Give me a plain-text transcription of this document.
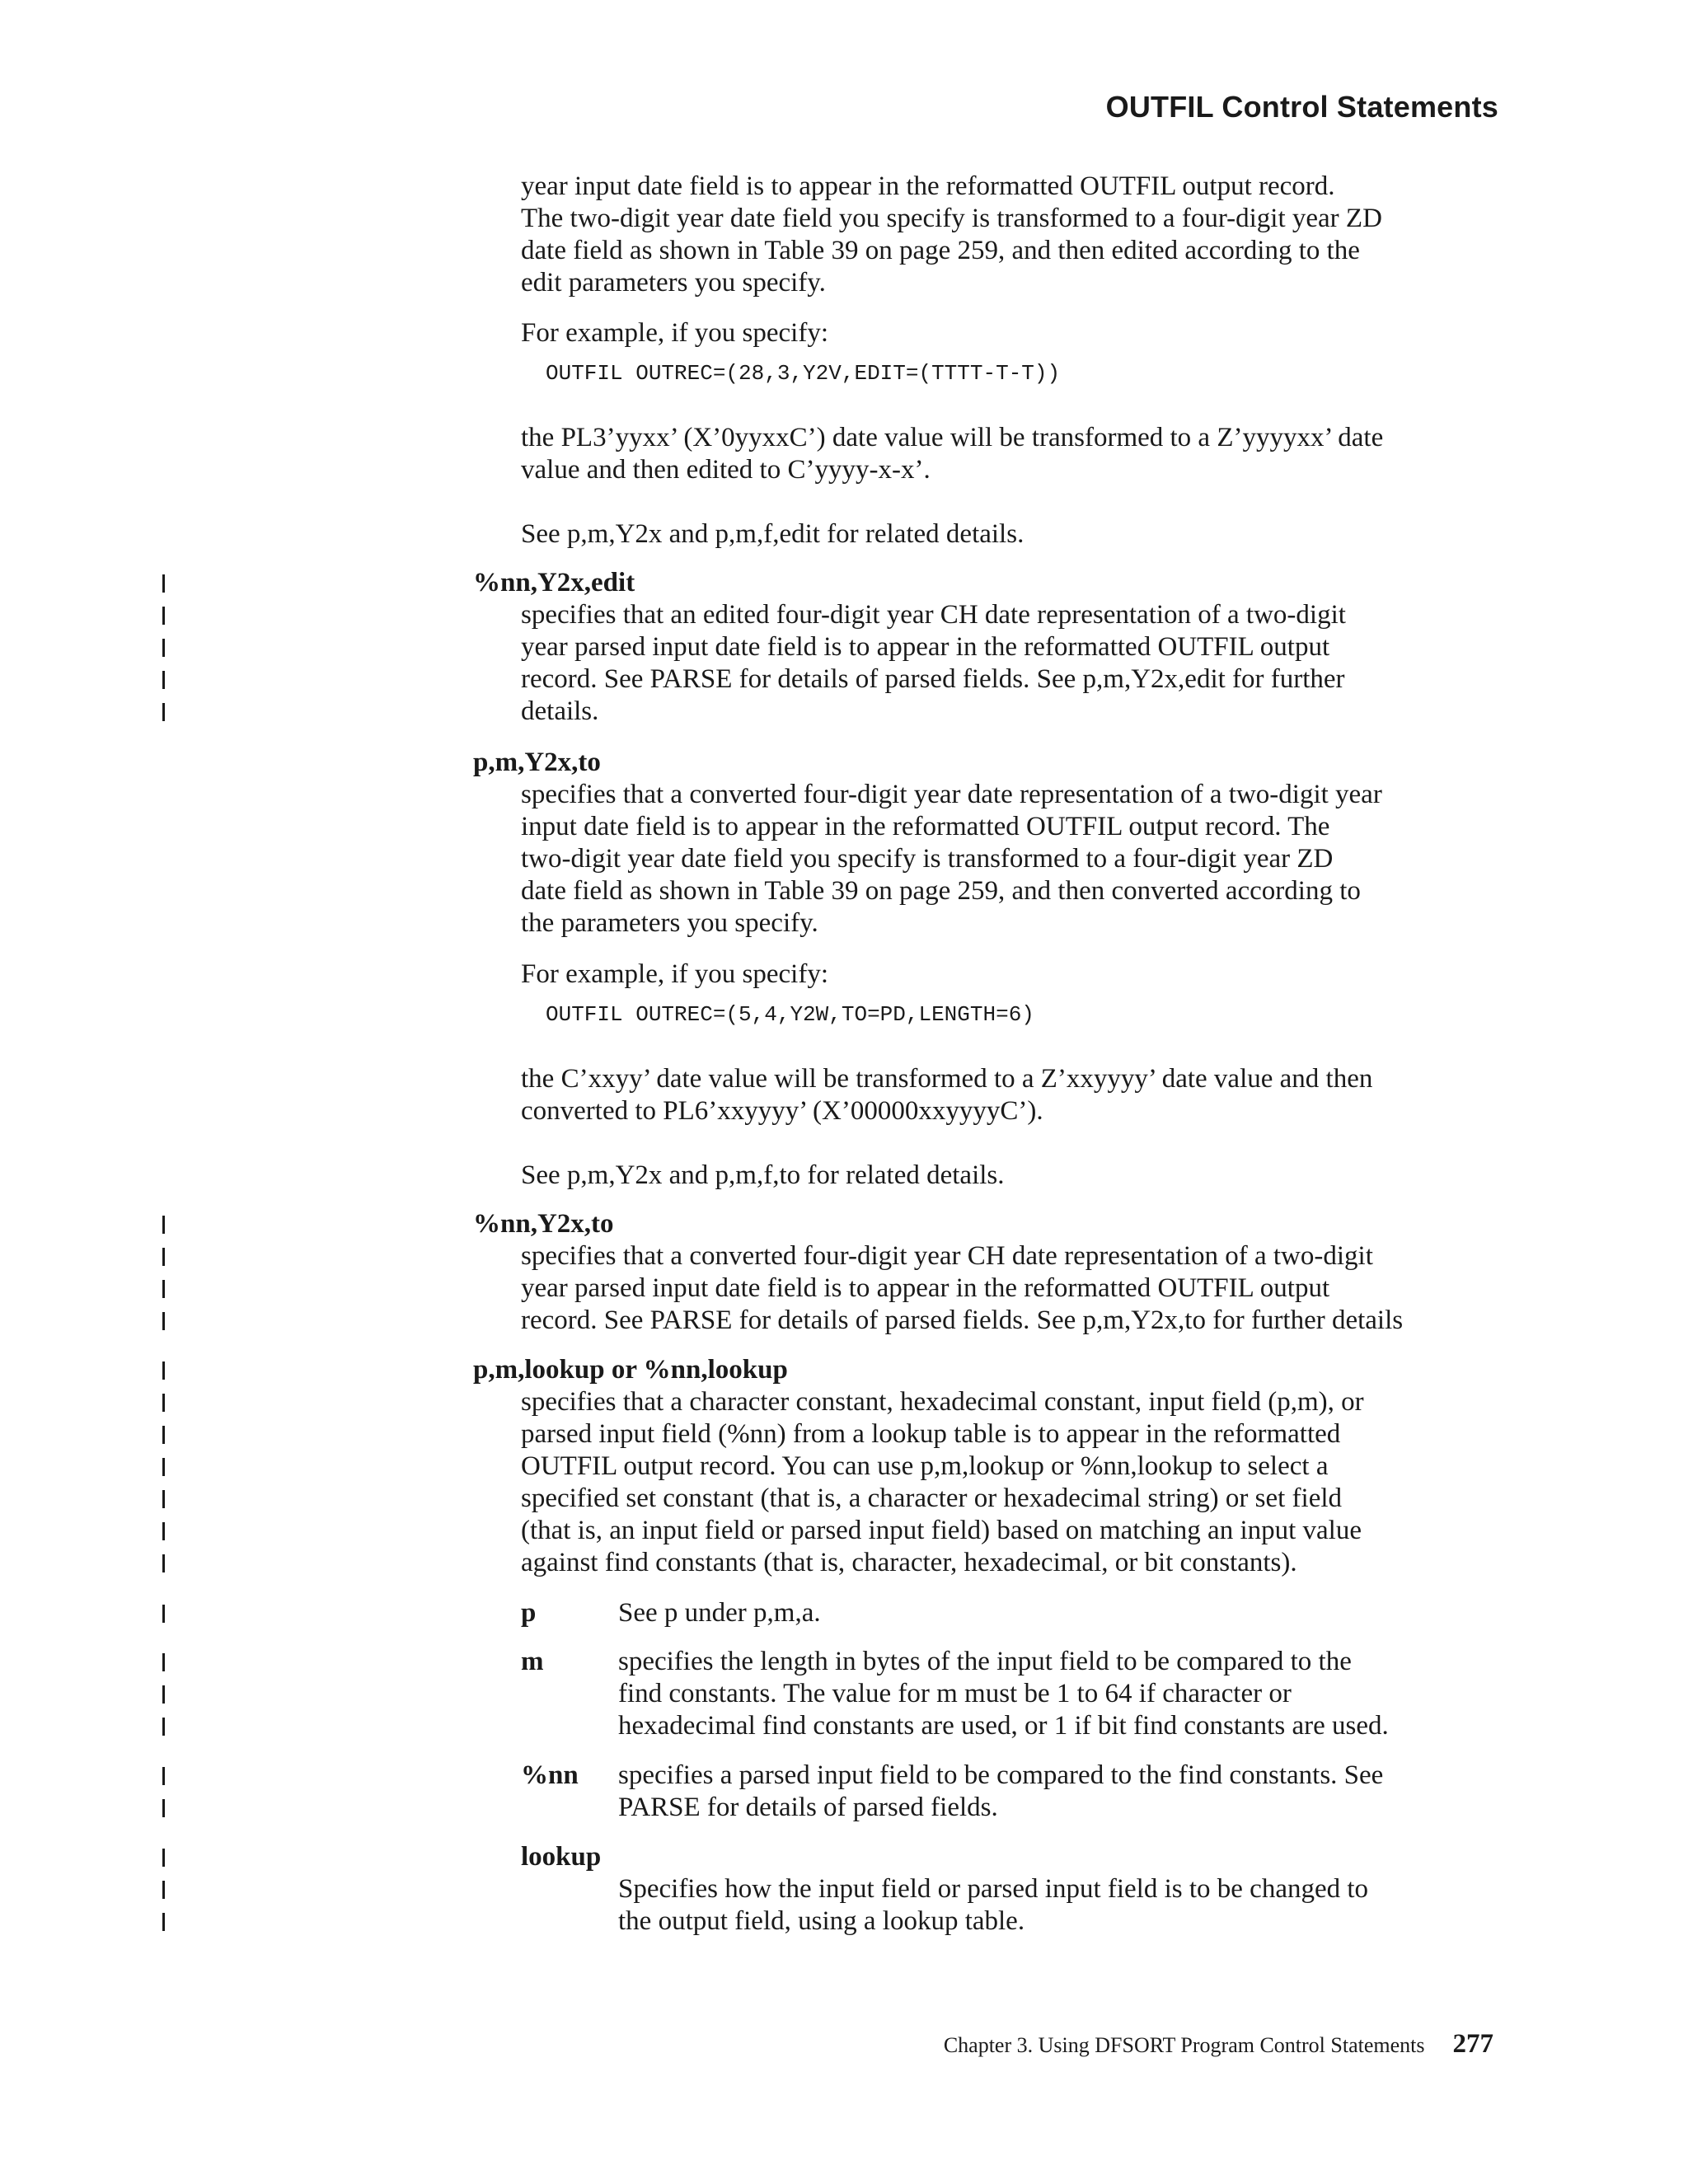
OUTFIL Control Statements

year input date field is to appear in the reformatted OUTFIL output record.
The two-digit year date field you specify is transformed to a four-digit year ZD
date field as shown in Table 39 on page 259, and then edited according to the
edit parameters you specify.

For example, if you specify:

OUTFIL OUTREC=(28,3,Y2V,EDIT=(TTTT-T-T))

the PL3’yyxx’ (X’0yyxxC’) date value will be transformed to a Z’yyyyxx’ date
value and then edited to C’yyyy-x-x’.

See p,m,Y2x and p,m,f,edit for related details.

%nn,Y2x,edit

specifies that an edited four-digit year CH date representation of a two-digit
year parsed input date field is to appear in the reformatted OUTFIL output
record. See PARSE for details of parsed fields. See p,m,Y2x,edit for further
details.

p,m,Y2x,to

specifies that a converted four-digit year date representation of a two-digit year
input date field is to appear in the reformatted OUTFIL output record. The
two-digit year date field you specify is transformed to a four-digit year ZD
date field as shown in Table 39 on page 259, and then converted according to
the parameters you specify.

For example, if you specify:

OUTFIL OUTREC=(5,4,Y2W,TO=PD,LENGTH=6)

the C’xxyy’ date value will be transformed to a Z’xxyyyy’ date value and then
converted to PL6’xxyyyy’ (X’00000xxyyyyC’).

See p,m,Y2x and p,m,f,to for related details.

%nn,Y2x,to

specifies that a converted four-digit year CH date representation of a two-digit
year parsed input date field is to appear in the reformatted OUTFIL output
record. See PARSE for details of parsed fields. See p,m,Y2x,to for further details

p,m,lookup or %nn,lookup

specifies that a character constant, hexadecimal constant, input field (p,m), or
parsed input field (%nn) from a lookup table is to appear in the reformatted
OUTFIL output record. You can use p,m,lookup or %nn,lookup to select a
specified set constant (that is, a character or hexadecimal string) or set field
(that is, an input field or parsed input field) based on matching an input value
against find constants (that is, character, hexadecimal, or bit constants).

p	See p under p,m,a.

m	specifies the length in bytes of the input field to be compared to the
find constants. The value for m must be 1 to 64 if character or
hexadecimal find constants are used, or 1 if bit find constants are used.

%nn specifies a parsed input field to be compared to the find constants. See
PARSE for details of parsed fields.

lookup

Specifies how the input field or parsed input field is to be changed to
the output field, using a lookup table.

Chapter 3. Using DFSORT Program Control Statements 277
